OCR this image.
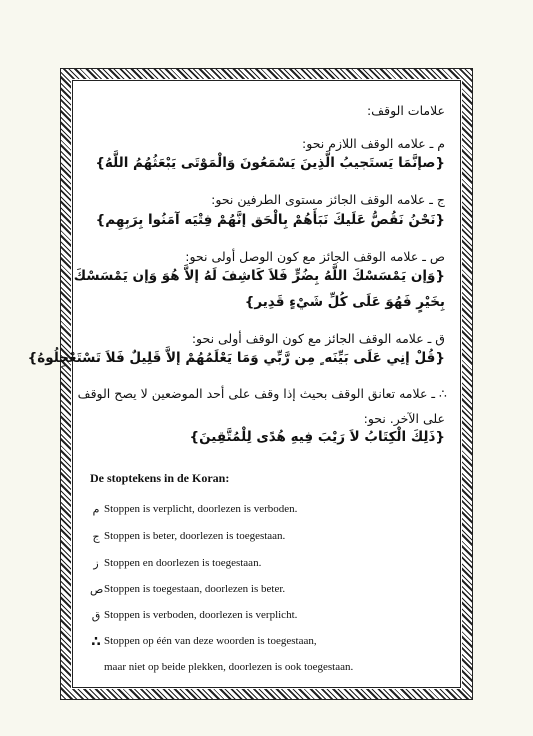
علامات الوقف:
م ـ علامه الوقف اللازم نحو:
{صإنَّمَا يَستَجيبُ الَّذِينَ يَسْمَعُونَ وَالْمَوْتَى يَبْعَثُهُمُ اللَّهُ}
ج ـ علامه الوقف الجائز مستوى الطرفين نحو:
{نَحْنُ نَقُصُّ عَلَيكَ نَبَأَهُمْ بِالْحَق إنَّهُمْ فِتْيَه آمَنُوا بِرَبِهِم}
ص ـ علامه الوقف الجائز مع كون الوصل أولى نحو:
{وَإن يَمْسَسْكَ اللَّهُ بِضُرٍّ فَلاَ كَاشِفَ لَهُ إلاَّ هُوَ وَإن يَمْسَسْكَ
بِخَيْرٍ فَهُوَ عَلَى كُلِّ شَيْءٍ قَدِير}
ق ـ علامه الوقف الجائز مع كون الوقف أولى نحو:
{قُلْ إنِي عَلَى بَيِّنَه ٍ مِن رَّبِّي وَمَا يَعْلَمُهُمْ إلاَّ قَلِيلٌ فَلاَ تَسْتَعْجِلُوهُ}
∴ ـ علامه تعانق الوقف بحيث إذا وقف على أحد الموضعين لا يصح الوقف
على الآخر. نحو:
{ذَلِكَ الْكِتَابُ لاَ رَيْبَ فِيهِ هُدًى لِلْمُتَّقِينَ}
De stoptekens in de Koran:
م Stoppen is verplicht, doorlezen is verboden.
ج Stoppen is beter, doorlezen is toegestaan.
ز Stoppen en doorlezen is toegestaan.
ص Stoppen is toegestaan, doorlezen is beter.
ق Stoppen is verboden, doorlezen is verplicht.
∴ Stoppen op één van deze woorden is toegestaan,
maar niet op beide plekken, doorlezen is ook toegestaan.
